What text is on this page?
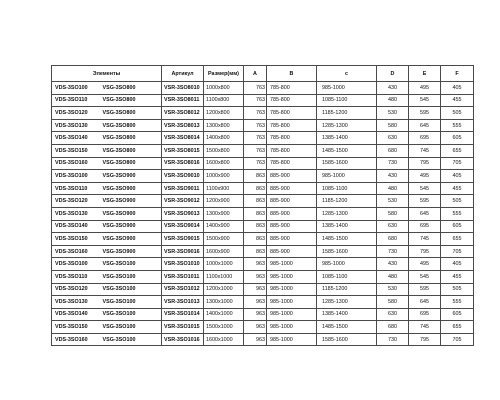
Элементы		Артикул	Размер(мм)	A	B	c	D	E	F
VDS-3SO100	VSG-3SO800	VSR-3SO8010	1000x800	763	785-800	985-1000	430	495	405
VDS-3SO110	VSG-3SO800	VSR-3SO8011	1100x800	763	785-800	1085-1100	480	545	455
VDS-3SO120	VSG-3SO800	VSR-3SO8012	1200x800	763	785-800	1185-1200	530	595	505
VDS-3SO130	VSG-3SO800	VSR-3SO8013	1300x800	763	785-800	1285-1300	580	645	555
VDS-3SO140	VSG-3SO800	VSR-3SO8014	1400x800	763	785-800	1385-1400	630	695	605
VDS-3SO150	VSG-3SO800	VSR-3SO8015	1500x800	763	785-800	1485-1500	680	745	655
VDS-3SO160	VSG-3SO800	VSR-3SO8016	1600x800	763	785-800	1585-1600	730	795	705
VDS-3SO100	VSG-3SO900	VSR-3SO9010	1000x900	863	885-900	985-1000	430	495	405
VDS-3SO110	VSG-3SO900	VSR-3SO9011	1100x900	863	885-900	1085-1100	480	545	455
VDS-3SO120	VSG-3SO900	VSR-3SO9012	1200x900	863	885-900	1185-1200	530	595	505
VDS-3SO130	VSG-3SO900	VSR-3SO9013	1300x900	863	885-900	1285-1300	580	645	555
VDS-3SO140	VSG-3SO900	VSR-3SO9014	1400x900	863	885-900	1385-1400	630	695	605
VDS-3SO150	VSG-3SO900	VSR-3SO9015	1500x900	863	885-900	1485-1500	680	745	655
VDS-3SO160	VSG-3SO900	VSR-3SO9016	1600x900	863	885-900	1585-1600	730	795	705
VDS-3SO100	VSG-3SO100	VSR-3SO1010	1000x1000	963	985-1000	985-1000	430	495	405
VDS-3SO110	VSG-3SO100	VSR-3SO1011	1100x1000	963	985-1000	1085-1100	480	545	455
VDS-3SO120	VSG-3SO100	VSR-3SO1012	1200x1000	963	985-1000	1185-1200	530	595	505
VDS-3SO130	VSG-3SO100	VSR-3SO1013	1300x1000	963	985-1000	1285-1300	580	645	555
VDS-3SO140	VSG-3SO100	VSR-3SO1014	1400x1000	963	985-1000	1385-1400	630	695	605
VDS-3SO150	VSG-3SO100	VSR-3SO1015	1500x1000	963	985-1000	1485-1500	680	745	655
VDS-3SO160	VSG-3SO100	VSR-3SO1016	1600x1000	963	985-1000	1585-1600	730	795	705
